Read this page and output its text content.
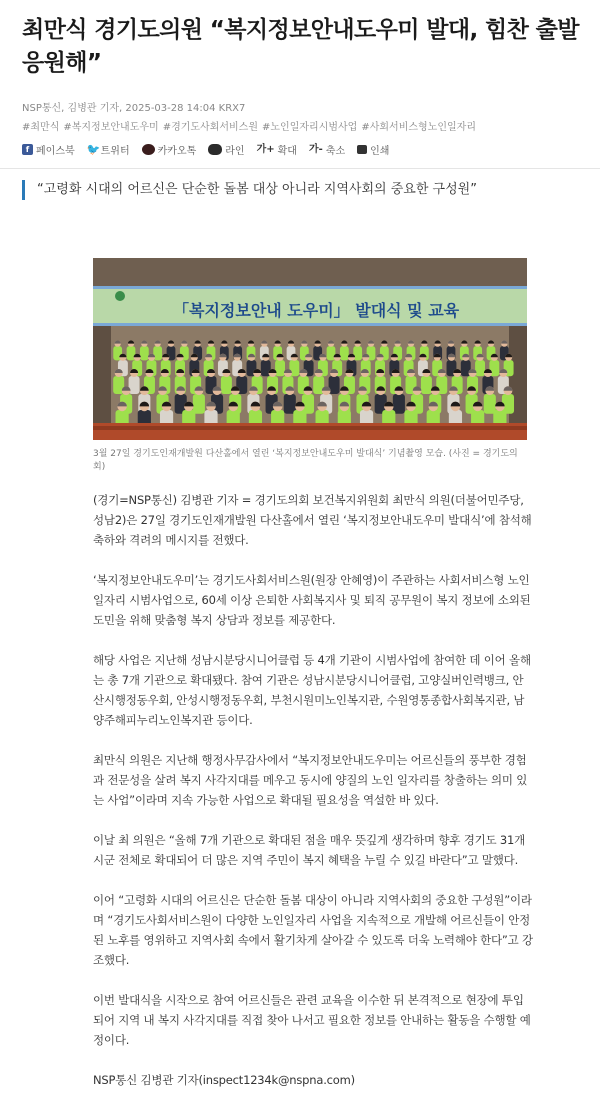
최만식 경기도의원 “복지정보안내도우미 발대, 힘찬 출발 응원해”
NSP통신, 김병관 기자, 2025-03-28 14:04 KRX7
#최만식 #복지정보안내도우미 #경기도사회서비스원 #노인일자리시범사업 #사회서비스형노인일자리
f 페이스북 🐦 트위터	카카오톡	라인 가+ 확대 가- 축소	인쇄
“고령화 시대의 어르신은 단순한 돌봄 대상 아니라 지역사회의 중요한 구성원”
「복지정보안내 도우미」 발대식 및 교육
3월 27일 경기도인재개발원 다산홀에서 열린 ‘복지정보안내도우미 발대식’ 기념촬영 모습. (사진 = 경기도의회)

(경기=NSP통신) 김병관 기자 = 경기도의회 보건복지위원회 최만식 의원(더불어민주당, 성남2)은 27일 경기도인재개발원 다산홀에서 열린 ‘복지정보안내도우미 발대식’에 참석해 축하와 격려의 메시지를 전했다.

‘복지정보안내도우미’는 경기도사회서비스원(원장 안혜영)이 주관하는 사회서비스형 노인일자리 시범사업으로, 60세 이상 은퇴한 사회복지사 및 퇴직 공무원이 복지 정보에 소외된 도민을 위해 맞춤형 복지 상담과 정보를 제공한다.

해당 사업은 지난해 성남시분당시니어클럽 등 4개 기관이 시범사업에 참여한 데 이어 올해는 총 7개 기관으로 확대됐다. 참여 기관은 성남시분당시니어클럽, 고양실버인력뱅크, 안산시행정동우회, 안성시행정동우회, 부천시원미노인복지관, 수원영통종합사회복지관, 남양주해피누리노인복지관 등이다.

최만식 의원은 지난해 행정사무감사에서 “복지정보안내도우미는 어르신들의 풍부한 경험과 전문성을 살려 복지 사각지대를 메우고 동시에 양질의 노인 일자리를 창출하는 의미 있는 사업”이라며 지속 가능한 사업으로 확대될 필요성을 역설한 바 있다.

이날 최 의원은 “올해 7개 기관으로 확대된 점을 매우 뜻깊게 생각하며 향후 경기도 31개 시군 전체로 확대되어 더 많은 지역 주민이 복지 혜택을 누릴 수 있길 바란다”고 말했다.

이어 “고령화 시대의 어르신은 단순한 돌봄 대상이 아니라 지역사회의 중요한 구성원”이라며 “경기도사회서비스원이 다양한 노인일자리 사업을 지속적으로 개발해 어르신들이 안정된 노후를 영위하고 지역사회 속에서 활기차게 살아갈 수 있도록 더욱 노력해야 한다”고 강조했다.

이번 발대식을 시작으로 참여 어르신들은 관련 교육을 이수한 뒤 본격적으로 현장에 투입되어 지역 내 복지 사각지대를 직접 찾아 나서고 필요한 정보를 안내하는 활동을 수행할 예정이다.

NSP통신 김병관 기자(inspect1234k@nspna.com)
